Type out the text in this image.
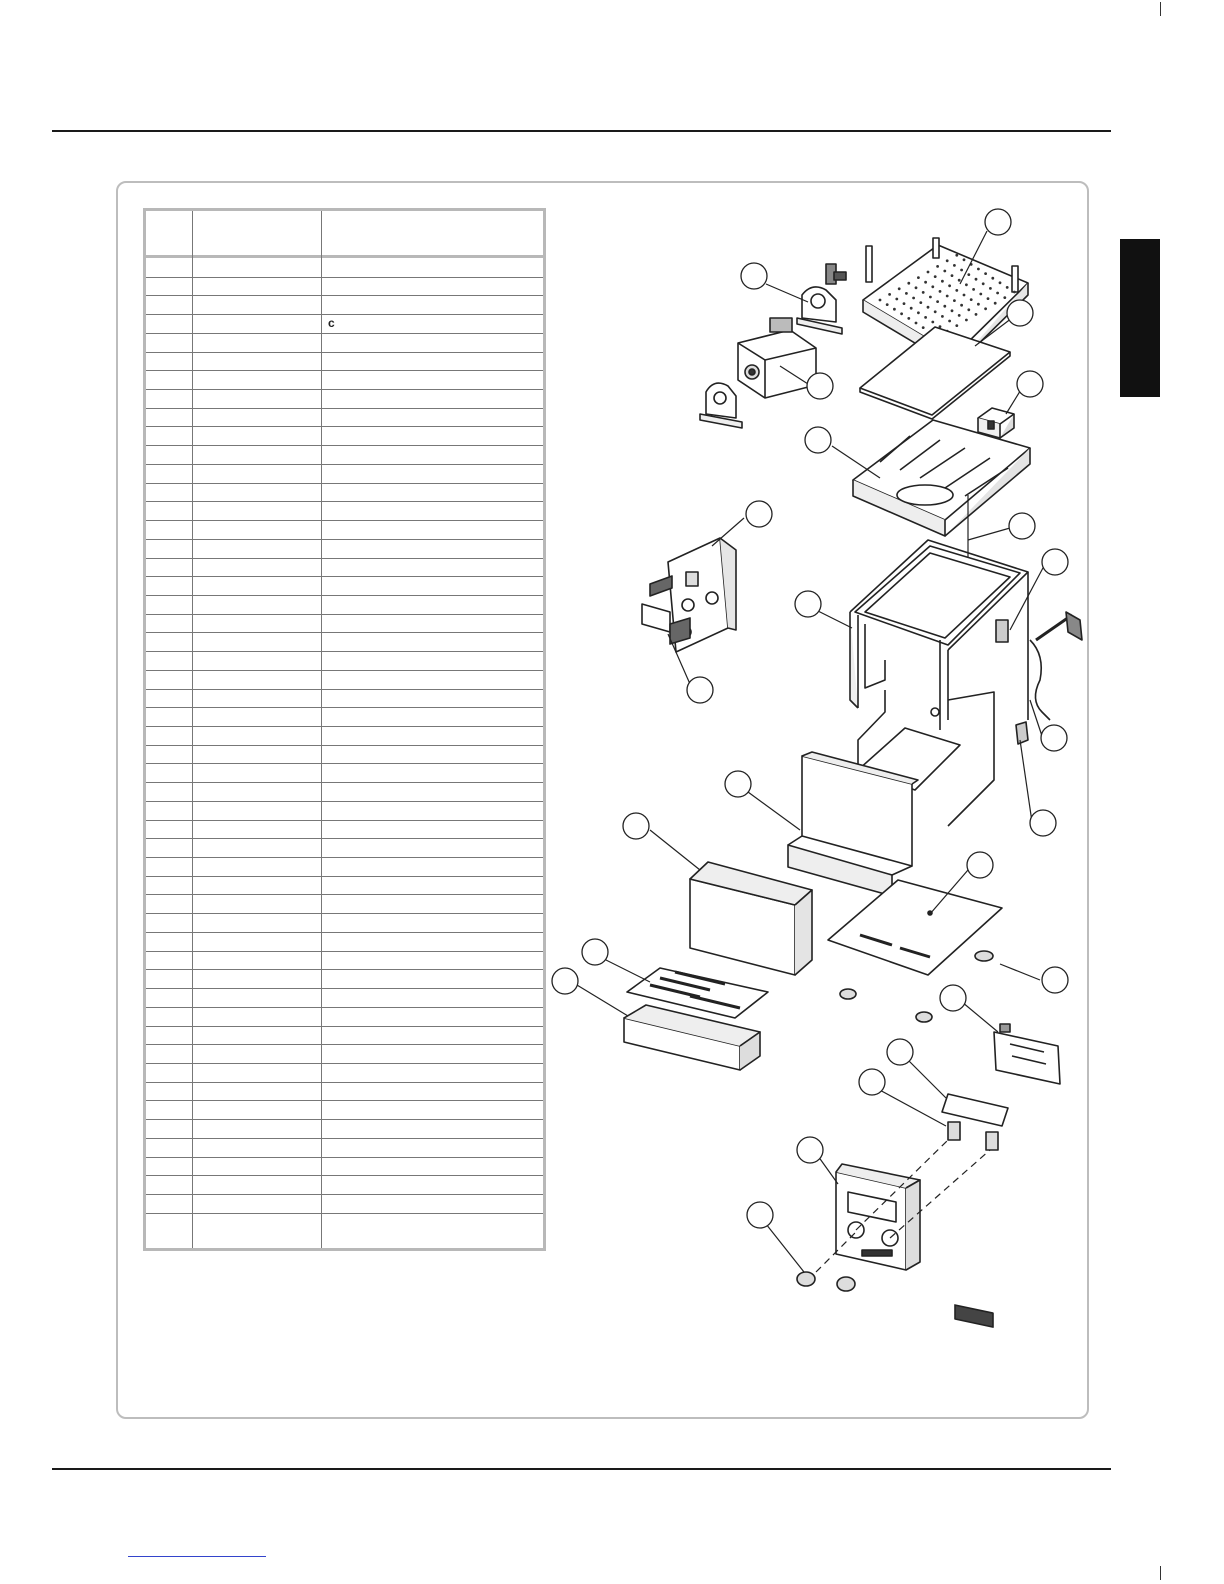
c
